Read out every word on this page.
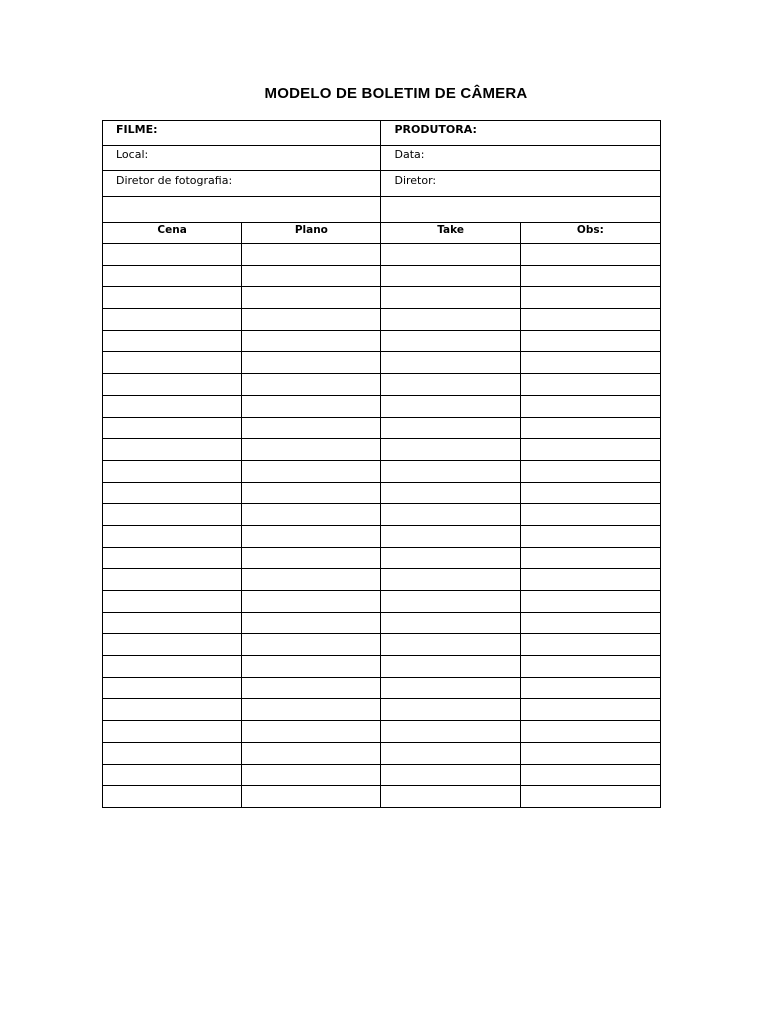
MODELO DE BOLETIM DE CÂMERA
FILME:		PRODUTORA:	

Local:		Data:	

Diretor de fotografia:		Diretor:	

Cena	Plano	Take	Obs:
